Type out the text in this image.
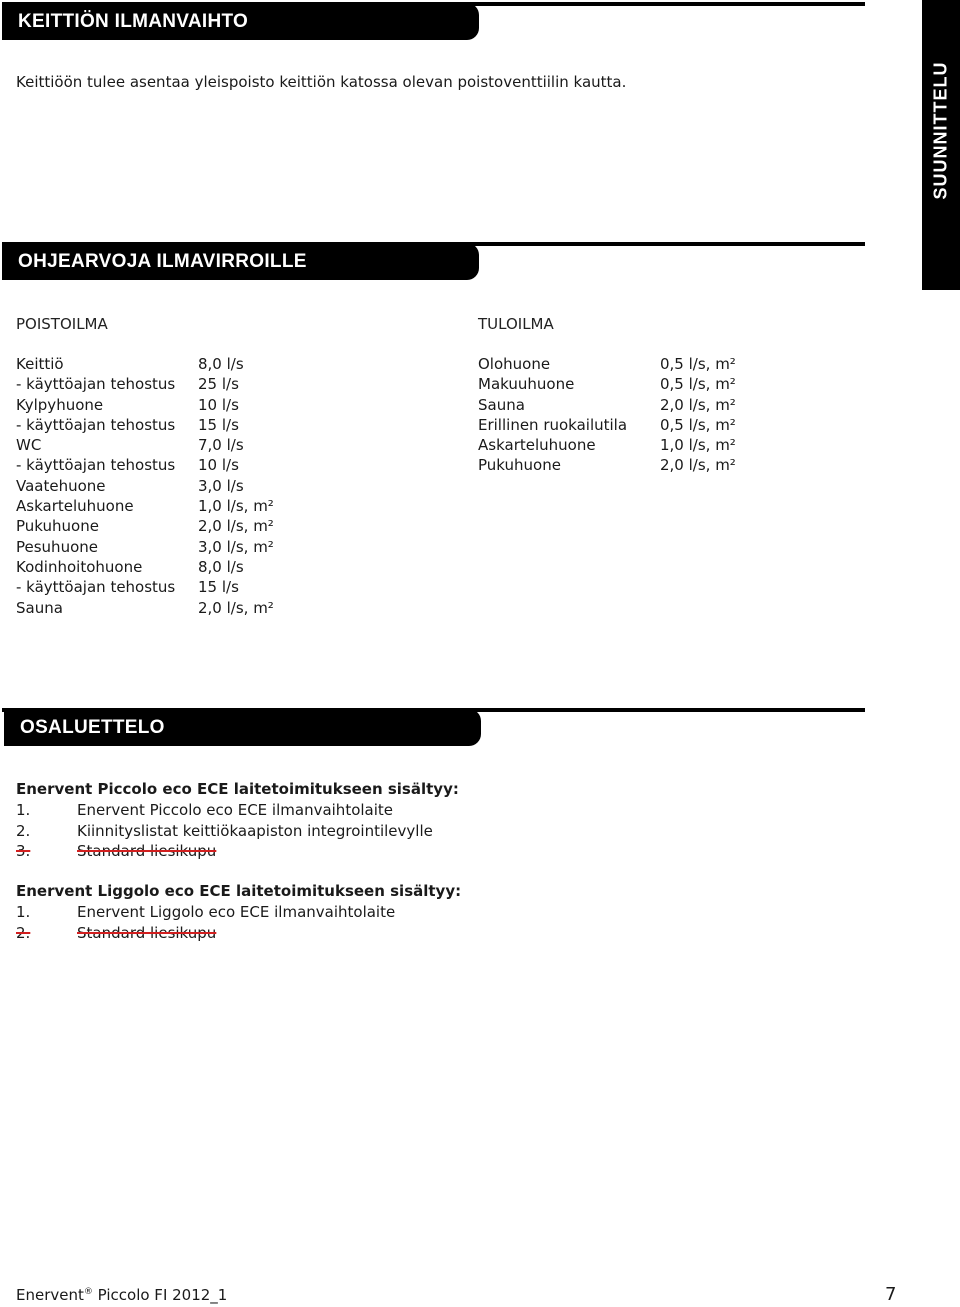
KEITTIÖN ILMANVAIHTO
Keittiöön tulee asentaa yleispoisto keittiön katossa olevan poistoventtiilin kautta.	SUUNNITTELU
OHJEARVOJA ILMAVIRROILLE
POISTOILMA	TULOILMA
Keittiö	8,0 l/s
- käyttöajan tehostus	25 l/s
Kylpyhuone	10 l/s
- käyttöajan tehostus	15 l/s
WC	7,0 l/s
- käyttöajan tehostus	10 l/s
Vaatehuone	3,0 l/s
Askarteluhuone	1,0 l/s, m²
Pukuhuone	2,0 l/s, m²
Pesuhuone	3,0 l/s, m²
Kodinhoitohuone	8,0 l/s
- käyttöajan tehostus	15 l/s
Sauna	2,0 l/s, m²
Olohuone	0,5 l/s, m²
Makuuhuone	0,5 l/s, m²
Sauna	2,0 l/s, m²
Erillinen ruokailutila	0,5 l/s, m²
Askarteluhuone	1,0 l/s, m²
Pukuhuone	2,0 l/s, m²
OSALUETTELO
Enervent Piccolo eco ECE laitetoimitukseen sisältyy:
1.	Enervent Piccolo eco ECE ilmanvaihtolaite
2.	Kiinnityslistat keittiökaapiston integrointilevylle
3.	Standard liesikupu
Enervent Liggolo eco ECE laitetoimitukseen sisältyy:
1.	Enervent Liggolo eco ECE ilmanvaihtolaite
2.	Standard liesikupu
Enervent® Piccolo FI 2012_1	7
